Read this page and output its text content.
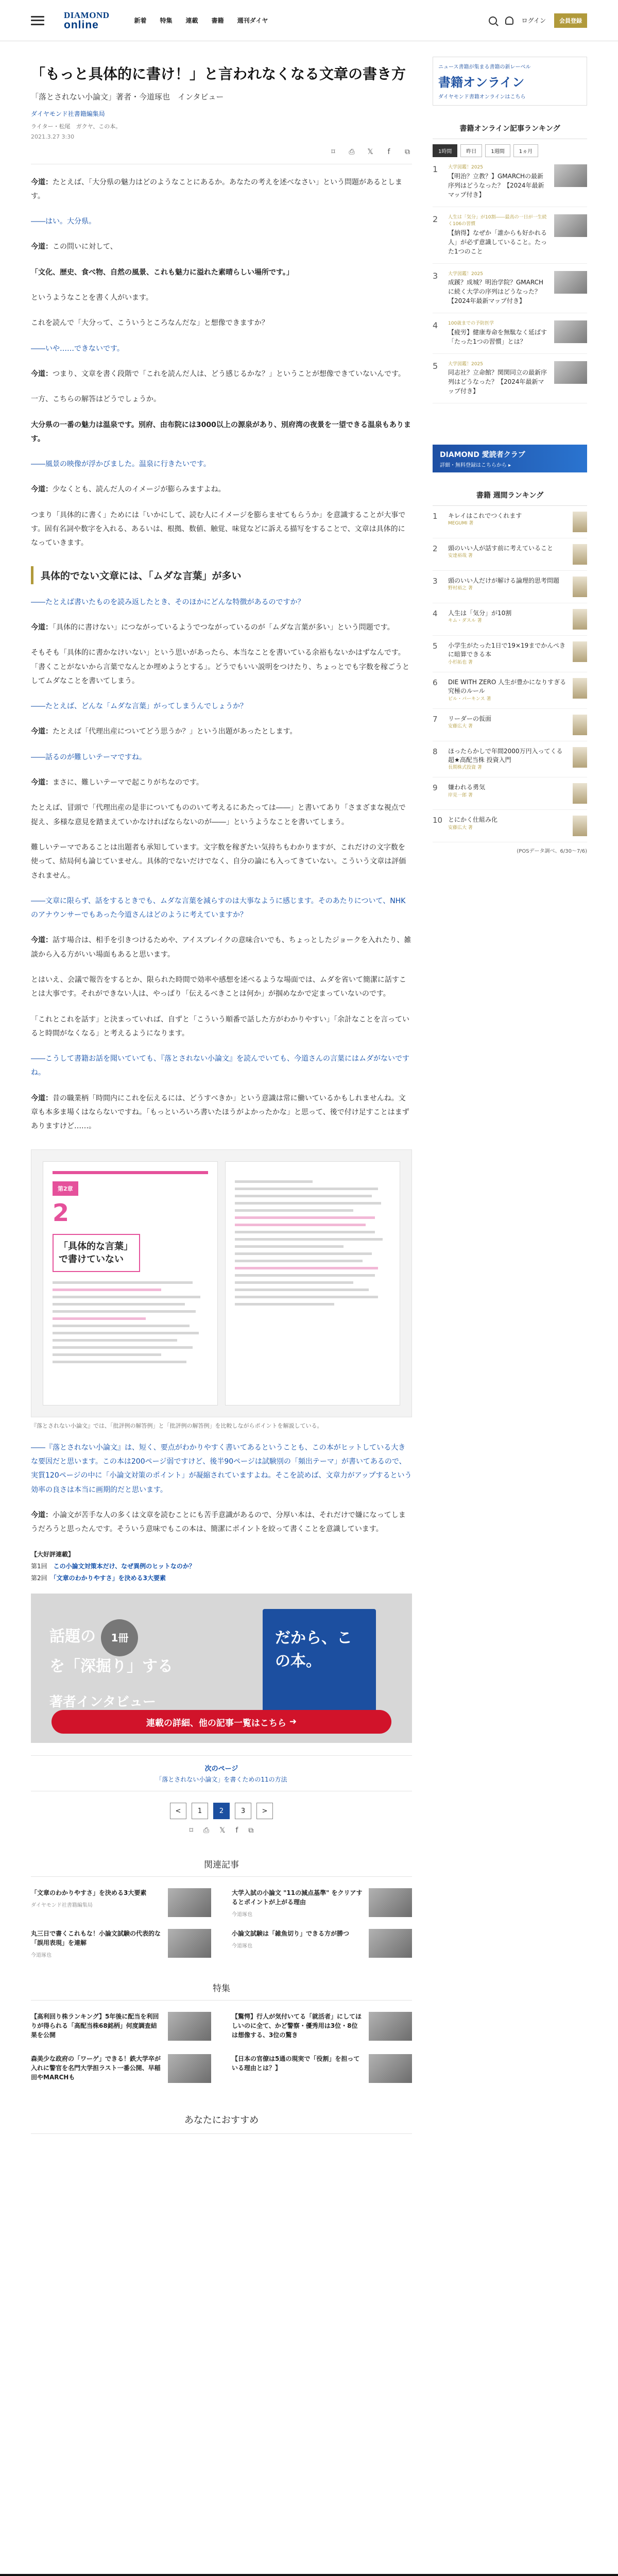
DIAMOND
online	新着 特集 連載 書籍 週刊ダイヤ	ログイン	会員登録
「もっと具体的に書け！」と言われなくなる文章の書き方
「落とされない小論文」著者・今道琢也　インタビュー
ダイヤモンド社書籍編集局
ライター・松尾　ガクヤ、この本。
2021.3.27 3:30
⌑	⎙ 𝕏	f	⧉

今道：たとえば、「大分県の魅力はどのようなことにあるか。あなたの考えを述べなさい」という問題があるとします。

――はい。大分県。

今道：この問いに対して、

「文化、歴史、食べ物、自然の風景、これも魅力に溢れた素晴らしい場所です。」

というようなことを書く人がいます。

これを読んで「大分って、こういうところなんだな」と想像できますか？

――いや……できないです。

今道：つまり、文章を書く段階で「これを読んだ人は、どう感じるかな？」ということが想像できていないんです。

一方、こちらの解答はどうでしょうか。

大分県の一番の魅力は温泉です。別府、由布院には3000以上の源泉があり、別府湾の夜景を一望できる温泉もあります。

――風景の映像が浮かびました。温泉に行きたいです。

今道：少なくとも、読んだ人のイメージが膨らみますよね。

つまり「具体的に書く」ためには「いかにして、読む人にイメージを膨らませてもらうか」を意識することが大事です。固有名詞や数字を入れる、あるいは、根拠、数値、触覚、味覚などに訴える描写をすることで、文章は具体的になっていきます。

具体的でない文章には、「ムダな言葉」が多い

――たとえば書いたものを読み返したとき、そのほかにどんな特徴があるのですか？

今道：「具体的に書けない」につながっているようでつながっているのが「ムダな言葉が多い」という問題です。

そもそも「具体的に書かなけいない」という思いがあったら、本当なことを書いている余裕もないかはずなんです。「書くことがないから言葉でなんとか埋めようとする」。どうでもいい説明をつけたり、ちょっとでも字数を稼ごうとしてムダなことを書いてしまう。

――たとえば、どんな「ムダな言葉」がってしまうんでしょうか？

今道：たとえば「代理出産についてどう思うか？」という出題があったとします。

――話るのが難しいテーマですね。

今道：まさに、難しいテーマで起こりがちなのです。

たとえば、冒頭で「代理出産の是非についてもののいて考えるにあたっては――」と書いてあり「さまざまな視点で捉え、多様な意見を踏まえていかなければならないのが――」というようなことを書いてしまう。

難しいテーマであることは出題者も承知しています。文字数を稼ぎたい気持ちもわかりますが、これだけの文字数を使って、結局何も論じていません。具体的でないだけでなく、自分の論にも入ってきていない。こういう文章は評価されません。

――文章に限らず、話をするときでも、ムダな言葉を減らすのは大事なように感じます。そのあたりについて、NHKのアナウンサーでもあった今道さんはどのように考えていますか？

今道：話す場合は、相手を引きつけるためや、アイスブレイクの意味合いでも、ちょっとしたジョークを入れたり、雑談から入る方がいい場面もあると思います。

とはいえ、会議で報告をするとか、限られた時間で効率や感想を述べるような場面では、ムダを省いて簡潔に話すことは大事です。それができない人は、やっぱり「伝えるべきことは何か」が掴めなかで定まっていないのです。

「これとこれを話す」と決まっていれば、自ずと「こういう順番で話した方がわかりやすい」「余計なことを言っていると時間がなくなる」と考えるようになります。

――こうして書籍お話を聞いていても、『落とされない小論文』を読んでいても、今道さんの言葉にはムダがないですね。

今道：昔の職業柄「時間内にこれを伝えるには、どうすべきか」という意識は常に働いているかもしれませんね。文章も本多ま場くはならないですね。「もっといろいろ書いたほうがよかったかな」と思って、後で付け足すことはまずありますけど……。

第2章
2
「具体的な言葉」で書けていない
『落とされない小論文』では、「批評例の解答例」と「批評例の解答例」を比較しながらポイントを解説している。

――『落とされない小論文』は、短く、要点がわかりやすく書いてあるということも、この本がヒットしている大きな要因だと思います。この本は200ページ弱ですけど、後半90ページは試験別の「頻出テーマ」が書いてあるので、実質120ページの中に「小論文対策のポイント」が凝縮されていますよね。そこを読めば、文章力がアップするという効率の良さは本当に画期的だと思います。

今道：小論文が苦手な人の多くは文章を読むことにも苦手意識があるので、分厚い本は、それだけで嫌になってしまうだろうと思ったんです。そういう意味でもこの本は、簡潔にポイントを絞って書くことを意識しています。

【大好評連載】
第1回　 この小論文対策本だけ、なぜ異例のヒットなのか？
第2回　 「文章のわかりやすさ」を決める3大要素
話題の 1冊
を「深掘り」する
著者インタビュー
だから、この本。
連載の詳細、他の記事一覧はこちら
➜
次のページ
「落とされない小論文」を書くための11の方法
<	1	2	3	>
⌑ ⎙ 𝕏 f ⧉
関連記事
「文章のわかりやすさ」を決める3大要素
ダイヤモンド社書籍編集局
大学入試の小論文 "11の減点基準" をクリアするとポイントが上がる理由
今道琢也
丸三日で書くこれもな！小論文試験の代表的な「誤用表現」を連解
今道琢也
小論文試験は「雑魚切り」できる方が勝つ
今道琢也
特集
【高利回り株ランキング】5年後に配当を利回りが得られる「高配当株68銘柄」何度調査結果を公開
【驚愕】行人が気付いてる「就活者」にしてほしいのに全て、かど警察・優秀用は3位・8位は想像する、3位の驚き
森美少な政府の「ワーゲ」できる！鉄大学卒が入れに警官を名門大学担ラスト一番公開、早稲田やMARCHも
【日本の官僚は5通の現実で「役割」を担っている理由とは？】
あなたにおすすめ
ニュース書籍が集まる書籍の新レーベル
書籍オンライン
ダイヤモンド書籍オンラインはこちら
書籍オンライン記事ランキング
1時間	昨日	1週間	1ヵ月
1	大学図鑑！2025
【明治？立教？】GMARCHの最新序列はどうなった？【2024年最新マップ付き】
2	人生は「気分」が10割――最高の一日が一生続く106の習慣
【納得】なぜか「誰からも好かれる人」が必ず意識していること。たった1つのこと
3	大学図鑑！2025
成蹊？成城？明治学院？GMARCHに続く大学の序列はどうなった？【2024年最新マップ付き】
4	100歳までの予防医学
【疲労】健康寿命を無駄なく延ばす「たった1つの習慣」とは？
5	大学図鑑！2025
同志社？立命館？関関同立の最新序列はどうなった？【2024年最新マップ付き】
DIAMOND 愛読者クラブ
詳細・無料登録はこちらから ▸
書籍 週間ランキング
1	キレイはこれでつくれます
MEGUMI 著
2	頭のいい人が話す前に考えていること
安達裕哉 著
3	頭のいい人だけが解ける論理的思考問題
野村裕之 著
4	人生は「気分」が10割
キム・ダスル 著
5	小学生がたった1日で19×19までかんぺきに暗算できる本
小杉拓也 著
6	DIE WITH ZERO 人生が豊かになりすぎる究極のルール
ビル・パーキンス 著
7	リーダーの仮面
安藤広大 著
8	ほったらかしで年間2000万円入ってくる超★高配当株 投資入門
長期株式投資 著
9	嫌われる勇気
岸見一郎 著
10 とにかく仕組み化
安藤広大 著
(POSデータ調べ、6/30〜7/6)
